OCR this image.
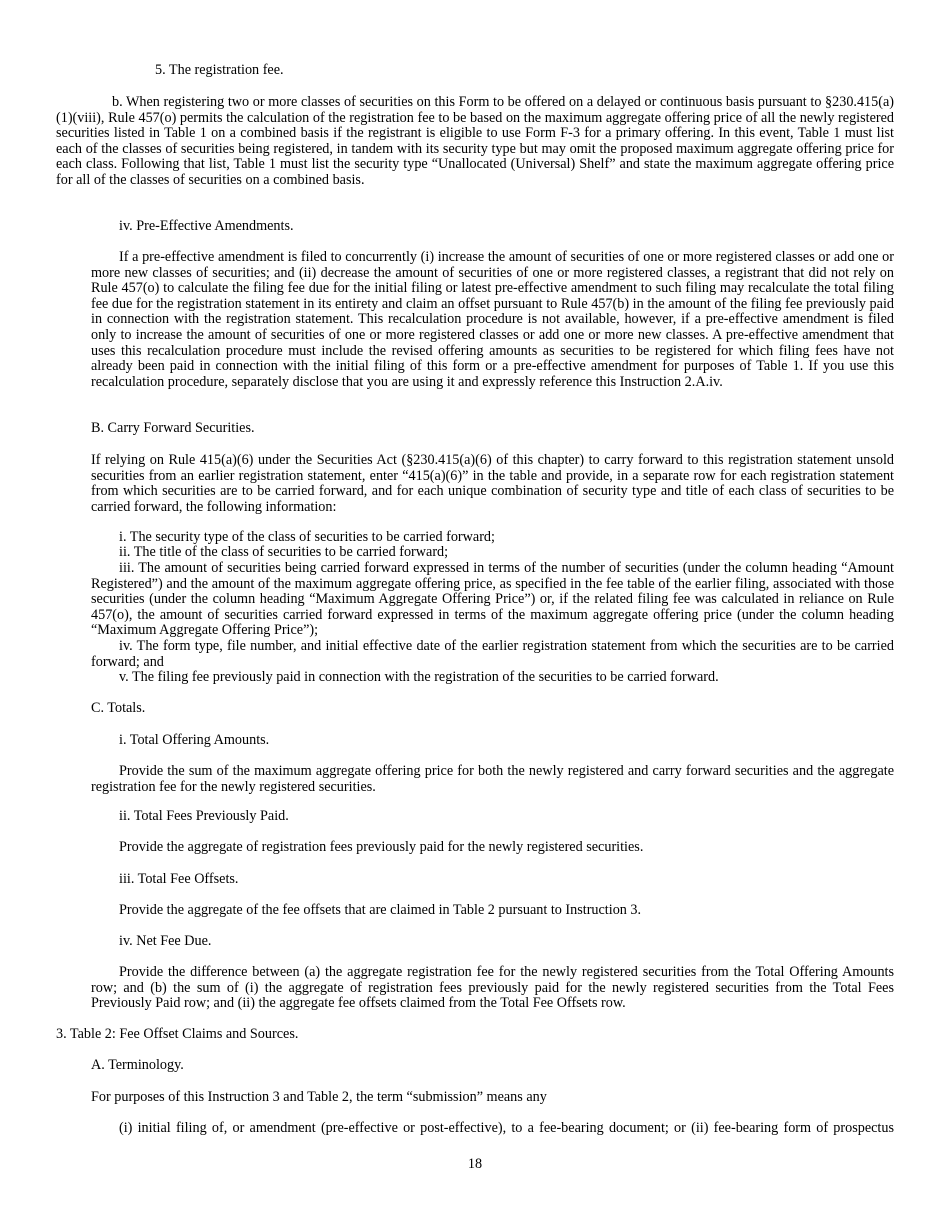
5. The registration fee.

b. When registering two or more classes of securities on this Form to be offered on a delayed or continuous basis pursuant to §230.415(a)(1)(viii), Rule 457(o) permits the calculation of the registration fee to be based on the maximum aggregate offering price of all the newly registered securities listed in Table 1 on a combined basis if the registrant is eligible to use Form F-3 for a primary offering. In this event, Table 1 must list each of the classes of securities being registered, in tandem with its security type but may omit the proposed maximum aggregate offering price for each class. Following that list, Table 1 must list the security type “Unallocated (Universal) Shelf” and state the maximum aggregate offering price for all of the classes of securities on a combined basis.

iv. Pre-Effective Amendments.

If a pre-effective amendment is filed to concurrently (i) increase the amount of securities of one or more registered classes or add one or more new classes of securities; and (ii) decrease the amount of securities of one or more registered classes, a registrant that did not rely on Rule 457(o) to calculate the filing fee due for the initial filing or latest pre-effective amendment to such filing may recalculate the total filing fee due for the registration statement in its entirety and claim an offset pursuant to Rule 457(b) in the amount of the filing fee previously paid in connection with the registration statement. This recalculation procedure is not available, however, if a pre-effective amendment is filed only to increase the amount of securities of one or more registered classes or add one or more new classes. A pre-effective amendment that uses this recalculation procedure must include the revised offering amounts as securities to be registered for which filing fees have not already been paid in connection with the initial filing of this form or a pre-effective amendment for purposes of Table 1. If you use this recalculation procedure, separately disclose that you are using it and expressly reference this Instruction 2.A.iv.

B. Carry Forward Securities.

If relying on Rule 415(a)(6) under the Securities Act (§230.415(a)(6) of this chapter) to carry forward to this registration statement unsold securities from an earlier registration statement, enter “415(a)(6)” in the table and provide, in a separate row for each registration statement from which securities are to be carried forward, and for each unique combination of security type and title of each class of securities to be carried forward, the following information:

i. The security type of the class of securities to be carried forward;

ii. The title of the class of securities to be carried forward;

iii. The amount of securities being carried forward expressed in terms of the number of securities (under the column heading “Amount Registered”) and the amount of the maximum aggregate offering price, as specified in the fee table of the earlier filing, associated with those securities (under the column heading “Maximum Aggregate Offering Price”) or, if the related filing fee was calculated in reliance on Rule 457(o), the amount of securities carried forward expressed in terms of the maximum aggregate offering price (under the column heading “Maximum Aggregate Offering Price”);

iv. The form type, file number, and initial effective date of the earlier registration statement from which the securities are to be carried forward; and

v. The filing fee previously paid in connection with the registration of the securities to be carried forward.

C. Totals.

i. Total Offering Amounts.

Provide the sum of the maximum aggregate offering price for both the newly registered and carry forward securities and the aggregate registration fee for the newly registered securities.

ii. Total Fees Previously Paid.

Provide the aggregate of registration fees previously paid for the newly registered securities.

iii. Total Fee Offsets.

Provide the aggregate of the fee offsets that are claimed in Table 2 pursuant to Instruction 3.

iv. Net Fee Due.

Provide the difference between (a) the aggregate registration fee for the newly registered securities from the Total Offering Amounts row; and (b) the sum of (i) the aggregate of registration fees previously paid for the newly registered securities from the Total Fees Previously Paid row; and (ii) the aggregate fee offsets claimed from the Total Fee Offsets row.

3. Table 2: Fee Offset Claims and Sources.

A. Terminology.

For purposes of this Instruction 3 and Table 2, the term “submission” means any

(i) initial filing of, or amendment (pre-effective or post-effective), to a fee-bearing document; or (ii) fee-bearing form of prospectus

18
